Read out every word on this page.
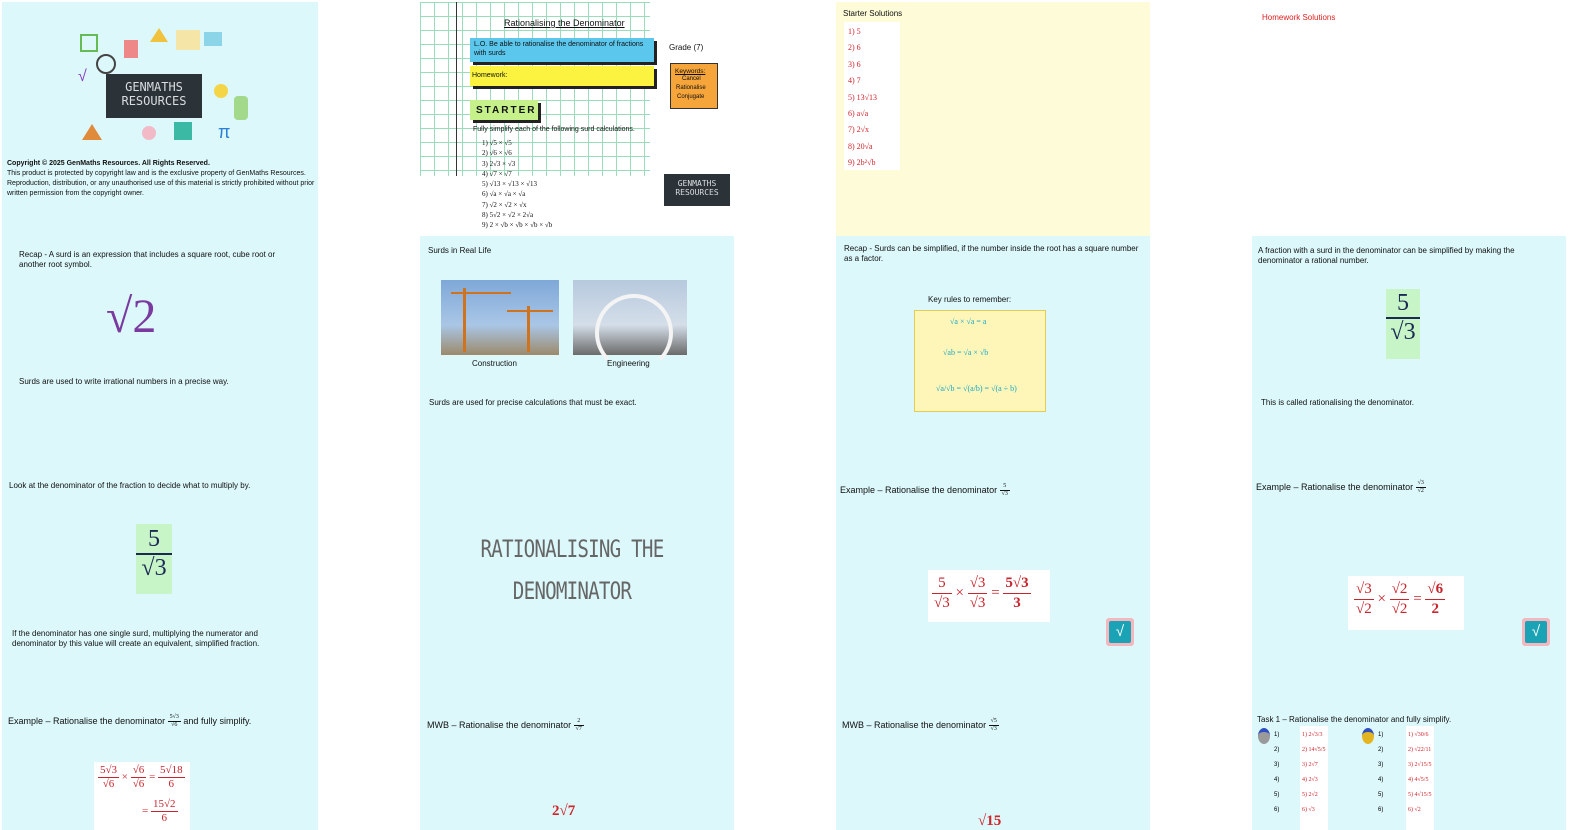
√
π
GENMATHS
RESOURCES
Copyright © 2025 GenMaths Resources. All Rights Reserved.
This product is protected by copyright law and is the exclusive property of GenMaths Resources. Reproduction, distribution, or any unauthorised use of this material is strictly prohibited without prior written permission from the copyright owner.
Rationalising the Denominator
L.O. Be able to rationalise the denominator of fractions with surds
Grade (7)
Homework:
Keywords:
Cancel
Rationalise
Conjugate
STARTER
Fully simplify each of the following surd calculations.
1) √5 × √5
2) √6 × √6
3) 2√3 × √3
4) √7 × √7
5) √13 × √13 × √13
6) √a × √a × √a
7) √2 × √2 × √x
8) 5√2 × √2 × 2√a
9) 2 × √b × √b × √b × √b
GENMATHS
RESOURCES
Starter Solutions
1) 5
2) 6
3) 6
4) 7
5) 13√13
6) a√a
7) 2√x
8) 20√a
9) 2b²√b
Homework Solutions
Recap - A surd is an expression that includes a square root, cube root or another root symbol.
√2
Surds are used to write irrational numbers in a precise way.
Surds in Real Life
Construction	Engineering
Surds are used for precise calculations that must be exact.
Recap - Surds can be simplified, if the number inside the root has a square number as a factor.
Key rules to remember:
√a × √a = a
√ab = √a × √b
√a/√b = √(a/b) = √(a ÷ b)
A fraction with a surd in the denominator can be simplified by making the denominator a rational number.
$\frac{5}{√3}$
This is called rationalising the denominator.
Look at the denominator of the fraction to decide what to multiply by.
$\frac{5}{√3}$
If the denominator has one single surd, multiplying the numerator and denominator by this value will create an equivalent, simplified fraction.
RATIONALISING THE
DENOMINATOR
Example – Rationalise the denominator $\frac{5}{√3}$
$\frac{5}{√3} \times \frac{√3}{√3} = \frac{5√3}{3}$
√
Example – Rationalise the denominator $\frac{√3}{√2}$
$\frac{√3}{√2} \times \frac{√2}{√2} = \frac{√6}{2}$
√
Example – Rationalise the denominator $\frac{5√3}{√6}$ and fully simplify.
$\frac{5√3}{√6} \times \frac{√6}{√6} = \frac{5√18}{6}$
= $\frac{15√2}{6}$
MWB – Rationalise the denominator $\frac{2}{√7}$
2√7
MWB – Rationalise the denominator $\frac{√5}{√3}$
√15
Task 1 – Rationalise the denominator and fully simplify.
1)
2)
3)
4)
5)
6)
1) 2√3/3
2) 14√5/5
3) 2√7
4) 2√3
5) 2√2
6) √3
1)
2)
3)
4)
5)
6)
1) √30/6
2) √22/11
3) 2√15/5
4) 4√5/5
5) 4√15/5
6) √2
